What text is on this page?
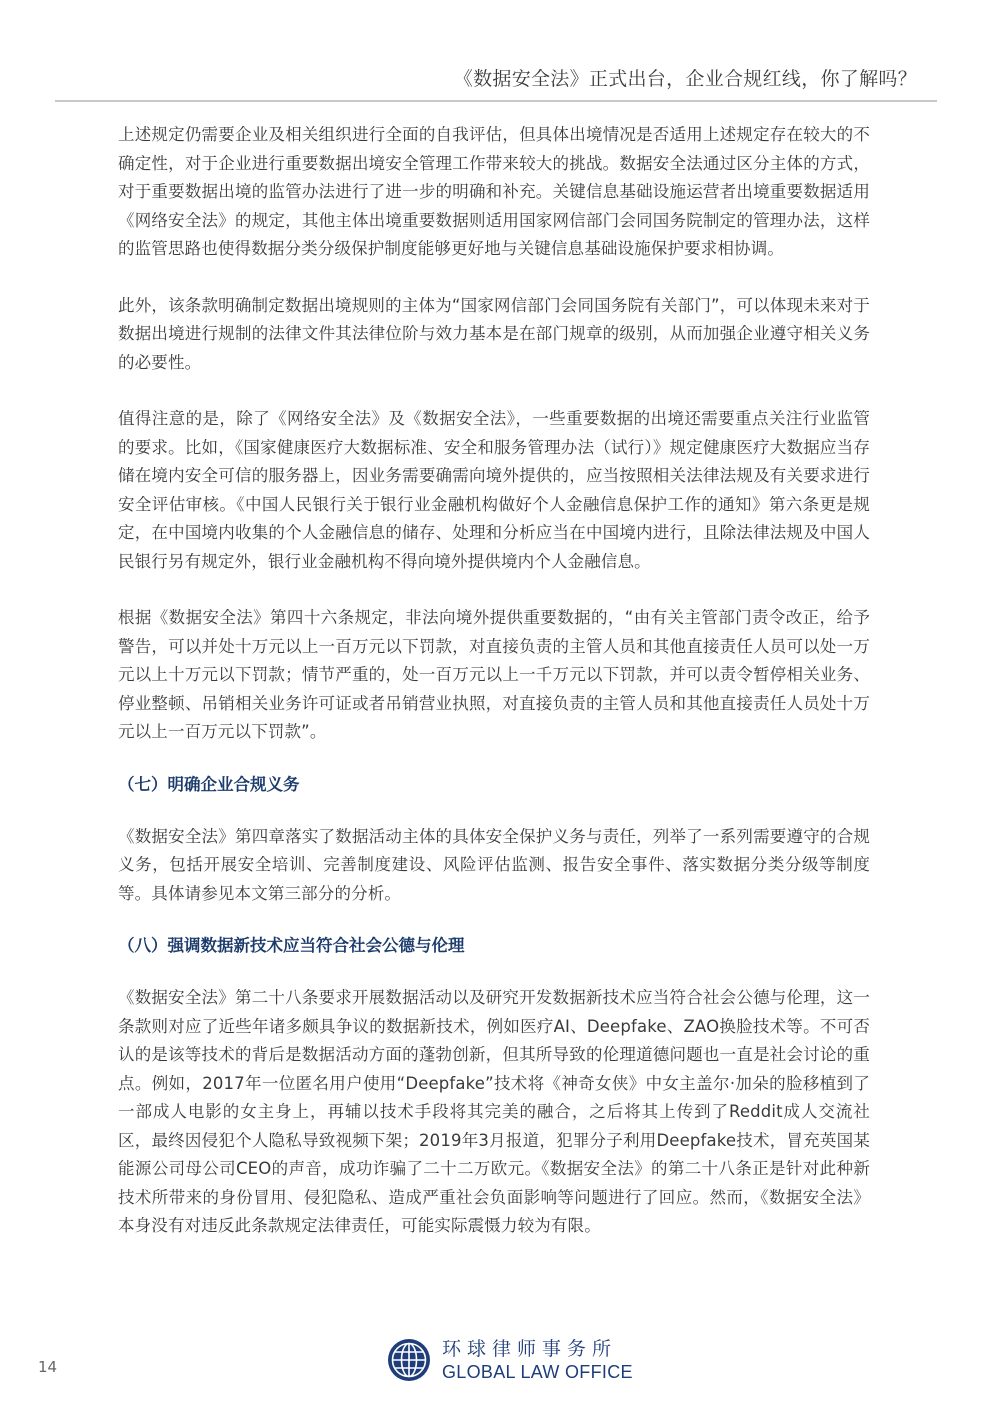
《数据安全法》正式出台，企业合规红线，你了解吗？

上述规定仍需要企业及相关组织进行全面的自我评估，但具体出境情况是否适用上述规定存在较大的不确定性，对于企业进行重要数据出境安全管理工作带来较大的挑战。数据安全法通过区分主体的方式，对于重要数据出境的监管办法进行了进一步的明确和补充。关键信息基础设施运营者出境重要数据适用《网络安全法》的规定，其他主体出境重要数据则适用国家网信部门会同国务院制定的管理办法，这样的监管思路也使得数据分类分级保护制度能够更好地与关键信息基础设施保护要求相协调。

此外，该条款明确制定数据出境规则的主体为“国家网信部门会同国务院有关部门”，可以体现未来对于数据出境进行规制的法律文件其法律位阶与效力基本是在部门规章的级别，从而加强企业遵守相关义务的必要性。

值得注意的是，除了《网络安全法》及《数据安全法》，一些重要数据的出境还需要重点关注行业监管的要求。比如，《国家健康医疗大数据标准、安全和服务管理办法（试行）》规定健康医疗大数据应当存储在境内安全可信的服务器上，因业务需要确需向境外提供的，应当按照相关法律法规及有关要求进行安全评估审核。《中国人民银行关于银行业金融机构做好个人金融信息保护工作的通知》第六条更是规定，在中国境内收集的个人金融信息的储存、处理和分析应当在中国境内进行，且除法律法规及中国人民银行另有规定外，银行业金融机构不得向境外提供境内个人金融信息。

根据《数据安全法》第四十六条规定，非法向境外提供重要数据的，“由有关主管部门责令改正，给予警告，可以并处十万元以上一百万元以下罚款，对直接负责的主管人员和其他直接责任人员可以处一万元以上十万元以下罚款；情节严重的，处一百万元以上一千万元以下罚款，并可以责令暂停相关业务、停业整顿、吊销相关业务许可证或者吊销营业执照，对直接负责的主管人员和其他直接责任人员处十万元以上一百万元以下罚款”。

（七）明确企业合规义务

《数据安全法》第四章落实了数据活动主体的具体安全保护义务与责任，列举了一系列需要遵守的合规义务，包括开展安全培训、完善制度建设、风险评估监测、报告安全事件、落实数据分类分级等制度等。具体请参见本文第三部分的分析。

（八）强调数据新技术应当符合社会公德与伦理

《数据安全法》第二十八条要求开展数据活动以及研究开发数据新技术应当符合社会公德与伦理，这一条款则对应了近些年诸多颇具争议的数据新技术，例如医疗AI、Deepfake、ZAO换脸技术等。不可否认的是该等技术的背后是数据活动方面的蓬勃创新，但其所导致的伦理道德问题也一直是社会讨论的重点。例如，2017年一位匿名用户使用“Deepfake”技术将《神奇女侠》中女主盖尔·加朵的脸移植到了一部成人电影的女主身上，再辅以技术手段将其完美的融合，之后将其上传到了Reddit成人交流社区，最终因侵犯个人隐私导致视频下架；2019年3月报道，犯罪分子利用Deepfake技术，冒充英国某能源公司母公司CEO的声音，成功诈骗了二十二万欧元。《数据安全法》的第二十八条正是针对此种新技术所带来的身份冒用、侵犯隐私、造成严重社会负面影响等问题进行了回应。然而，《数据安全法》本身没有对违反此条款规定法律责任，可能实际震慑力较为有限。

14
环球律师事务所
GLOBAL LAW OFFICE
